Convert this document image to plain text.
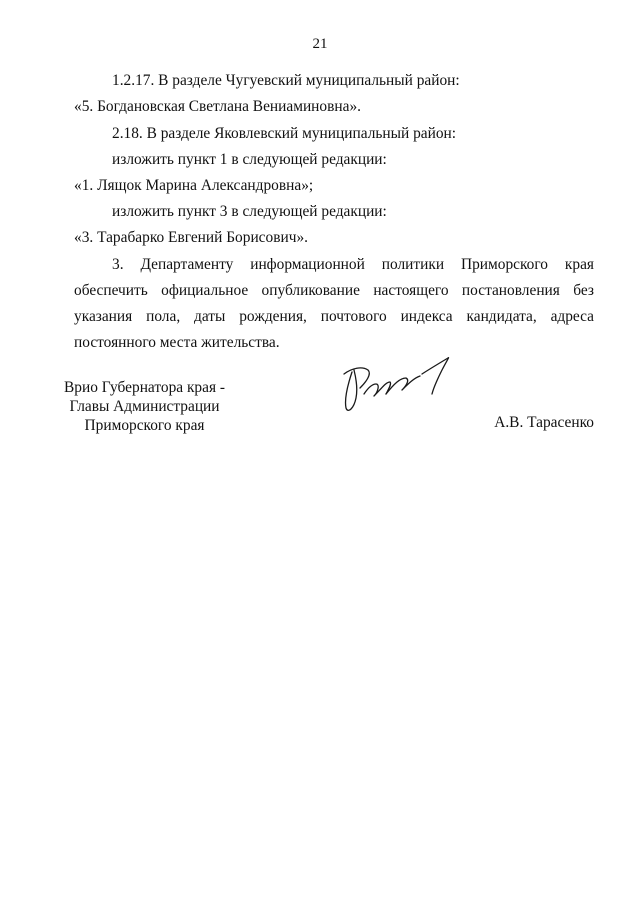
21
1.2.17. В разделе Чугуевский муниципальный район:
«5. Богдановская Светлана Вениаминовна».
2.18. В разделе Яковлевский муниципальный район:
изложить пункт 1 в следующей редакции:
«1. Лящок Марина Александровна»;
изложить пункт 3 в следующей редакции:
«3. Тарабарко Евгений Борисович».
3. Департаменту информационной политики Приморского края
обеспечить официальное опубликование настоящего постановления без
указания пола, даты рождения, почтового индекса кандидата, адреса
постоянного места жительства.
Врио Губернатора края -
Главы Администрации
Приморского края	А.В. Тарасенко
